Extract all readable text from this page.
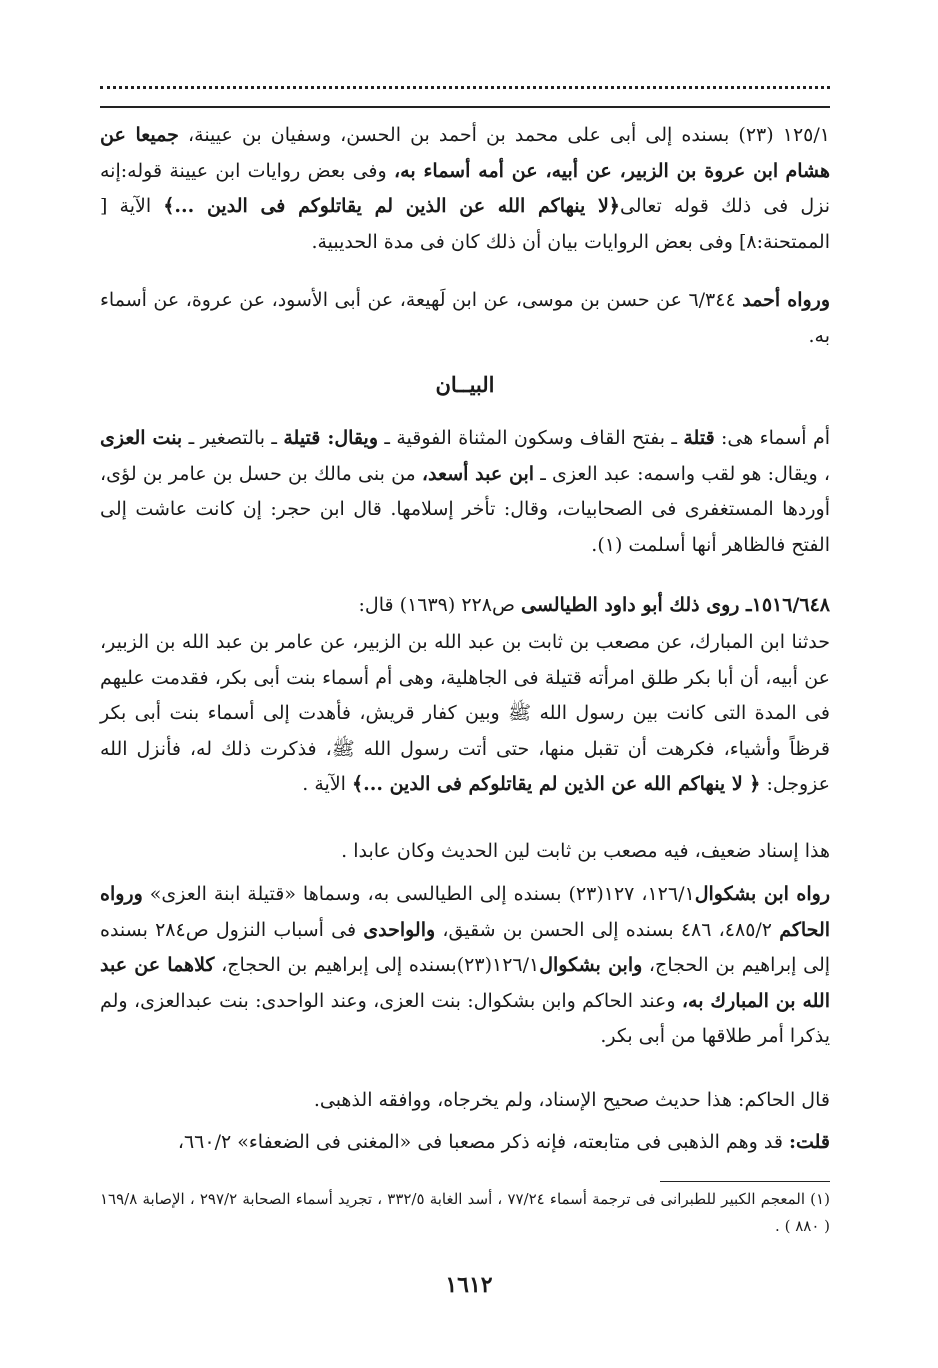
١٢٥/١ (٢٣) بسنده إلى أبى على محمد بن أحمد بن الحسن، وسفيان بن عيينة، جميعا عن هشام ابن عروة بن الزبير، عن أبيه، عن أمه أسماء به، وفى بعض روايات ابن عيينة قوله:إنه نزل فى ذلك قوله تعالى﴿لا ينهاكم الله عن الذين لم يقاتلوكم فى الدين ...﴾ الآية [ الممتحنة:٨] وفى بعض الروايات بيان أن ذلك كان فى مدة الحديبية.

ورواه أحمد ٦/٣٤٤ عن حسن بن موسى، عن ابن لَهيعة، عن أبى الأسود، عن عروة، عن أسماء به.

البيــان

أم أسماء هى: قتلة ـ بفتح القاف وسكون المثناة الفوقية ـ ويقال: قتيلة ـ بالتصغير ـ بنت العزى ، ويقال: هو لقب واسمه: عبد العزى ـ ابن عبد أسعد، من بنى مالك بن حسل بن عامر بن لؤى، أوردها المستغفرى فى الصحابيات، وقال: تأخر إسلامها. قال ابن حجر: إن كانت عاشت إلى الفتح فالظاهر أنها أسلمت (١).

١٥١٦/٦٤٨ـ روى ذلك أبو داود الطيالسى ص٢٢٨ (١٦٣٩) قال:

حدثنا ابن المبارك، عن مصعب بن ثابت بن عبد الله بن الزبير، عن عامر بن عبد الله بن الزبير، عن أبيه، أن أبا بكر طلق امرأته قتيلة فى الجاهلية، وهى أم أسماء بنت أبى بكر، فقدمت عليهم فى المدة التى كانت بين رسول الله ﷺ وبين كفار قريش، فأهدت إلى أسماء بنت أبى بكر قرظاً وأشياء، فكرهت أن تقبل منها، حتى أتت رسول الله ﷺ، فذكرت ذلك له، فأنزل الله عزوجل: ﴿ لا ينهاكم الله عن الذين لم يقاتلوكم فى الدين ...﴾ الآية .

هذا إسناد ضعيف، فيه مصعب بن ثابت لين الحديث وكان عابدا .

رواه ابن بشكوال١٢٦/١، ١٢٧(٢٣) بسنده إلى الطيالسى به، وسماها «قتيلة ابنة العزى» ورواه الحاكم ٤٨٥/٢، ٤٨٦ بسنده إلى الحسن بن شقيق، والواحدى فى أسباب النزول ص٢٨٤ بسنده إلى إبراهيم بن الحجاج، وابن بشكوال١٢٦/١(٢٣)بسنده إلى إبراهيم بن الحجاج، كلاهما عن عبد الله بن المبارك به، وعند الحاكم وابن بشكوال: بنت العزى، وعند الواحدى: بنت عبدالعزى، ولم يذكرا أمر طلاقها من أبى بكر.

قال الحاكم: هذا حديث صحيح الإسناد، ولم يخرجاه، ووافقه الذهبى.

قلت: قد وهم الذهبى فى متابعته، فإنه ذكر مصعبا فى «المغنى فى الضعفاء» ٦٦٠/٢،

(١) المعجم الكبير للطبرانى فى ترجمة أسماء ٧٧/٢٤ ، أسد الغابة ٣٣٢/٥ ، تجريد أسماء الصحابة ٢٩٧/٢ ، الإصابة ١٦٩/٨ ( ٨٨٠ ) .
١٦١٢
